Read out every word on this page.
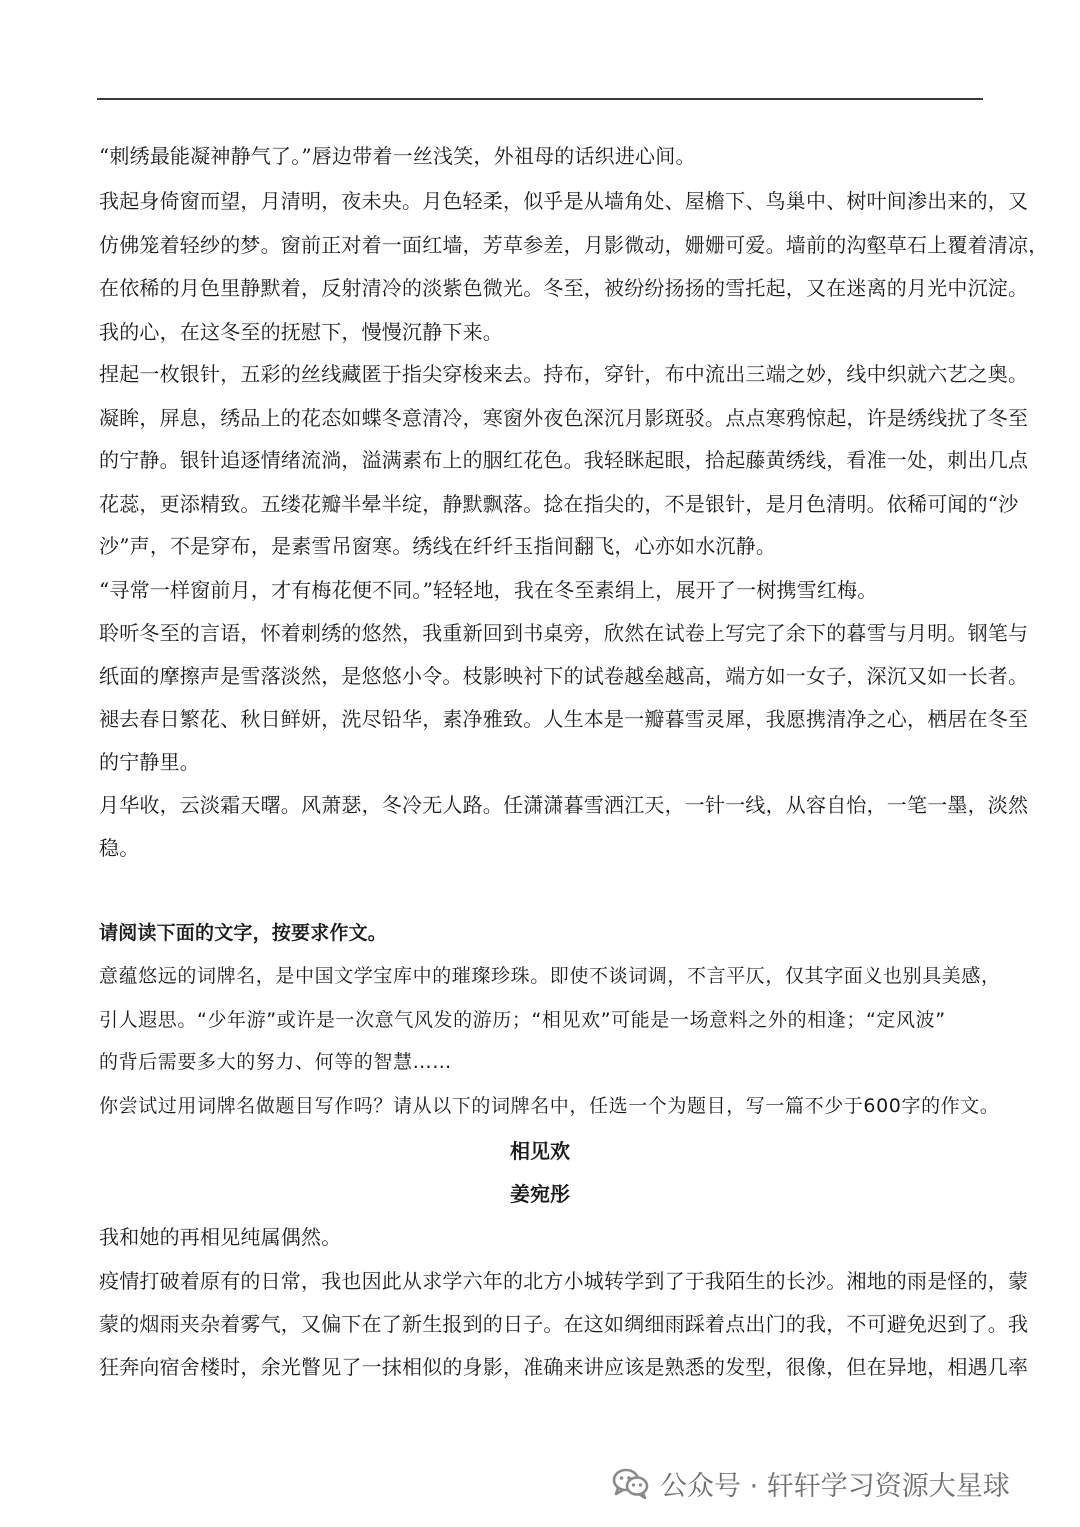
“刺绣最能凝神静气了。”唇边带着一丝浅笑，外祖母的话织进心间。
我起身倚窗而望，月清明，夜未央。月色轻柔，似乎是从墙角处、屋檐下、鸟巢中、树叶间渗出来的，又
仿佛笼着轻纱的梦。窗前正对着一面红墙，芳草参差，月影微动，姗姗可爱。墙前的沟壑草石上覆着清凉，
在依稀的月色里静默着，反射清冷的淡紫色微光。冬至，被纷纷扬扬的雪托起，又在迷离的月光中沉淀。
我的心，在这冬至的抚慰下，慢慢沉静下来。
捏起一枚银针，五彩的丝线藏匿于指尖穿梭来去。持布，穿针，布中流出三端之妙，线中织就六艺之奥。
凝眸，屏息，绣品上的花态如蝶冬意清冷，寒窗外夜色深沉月影斑驳。点点寒鸦惊起，许是绣线扰了冬至
的宁静。银针追逐情绪流淌，溢满素布上的胭红花色。我轻眯起眼，拾起藤黄绣线，看准一处，刺出几点
花蕊，更添精致。五缕花瓣半晕半绽，静默飘落。捻在指尖的，不是银针，是月色清明。依稀可闻的“沙
沙”声，不是穿布，是素雪吊窗寒。绣线在纤纤玉指间翻飞，心亦如水沉静。
“寻常一样窗前月，才有梅花便不同。”轻轻地，我在冬至素绢上，展开了一树携雪红梅。
聆听冬至的言语，怀着刺绣的悠然，我重新回到书桌旁，欣然在试卷上写完了余下的暮雪与月明。钢笔与
纸面的摩擦声是雪落淡然，是悠悠小令。枝影映衬下的试卷越垒越高，端方如一女子，深沉又如一长者。
褪去春日繁花、秋日鲜妍，洗尽铅华，素净雅致。人生本是一瓣暮雪灵犀，我愿携清净之心，栖居在冬至
的宁静里。
月华收，云淡霜天曙。风萧瑟，冬冷无人路。任潇潇暮雪洒江天，一针一线，从容自怡，一笔一墨，淡然
稳。
请阅读下面的文字，按要求作文。
意蕴悠远的词牌名，是中国文学宝库中的璀璨珍珠。即使不谈词调，不言平仄，仅其字面义也别具美感，
引人遐思。“少年游”或许是一次意气风发的游历；“相见欢”可能是一场意料之外的相逢；“定风波”
的背后需要多大的努力、何等的智慧……
你尝试过用词牌名做题目写作吗？请从以下的词牌名中，任选一个为题目，写一篇不少于600字的作文。
相见欢
姜宛彤
我和她的再相见纯属偶然。
疫情打破着原有的日常，我也因此从求学六年的北方小城转学到了于我陌生的长沙。湘地的雨是怪的，蒙
蒙的烟雨夹杂着雾气，又偏下在了新生报到的日子。在这如绸细雨踩着点出门的我，不可避免迟到了。我
狂奔向宿舍楼时，余光瞥见了一抹相似的身影，准确来讲应该是熟悉的发型，很像，但在异地，相遇几率
公众号 · 轩轩学习资源大星球
